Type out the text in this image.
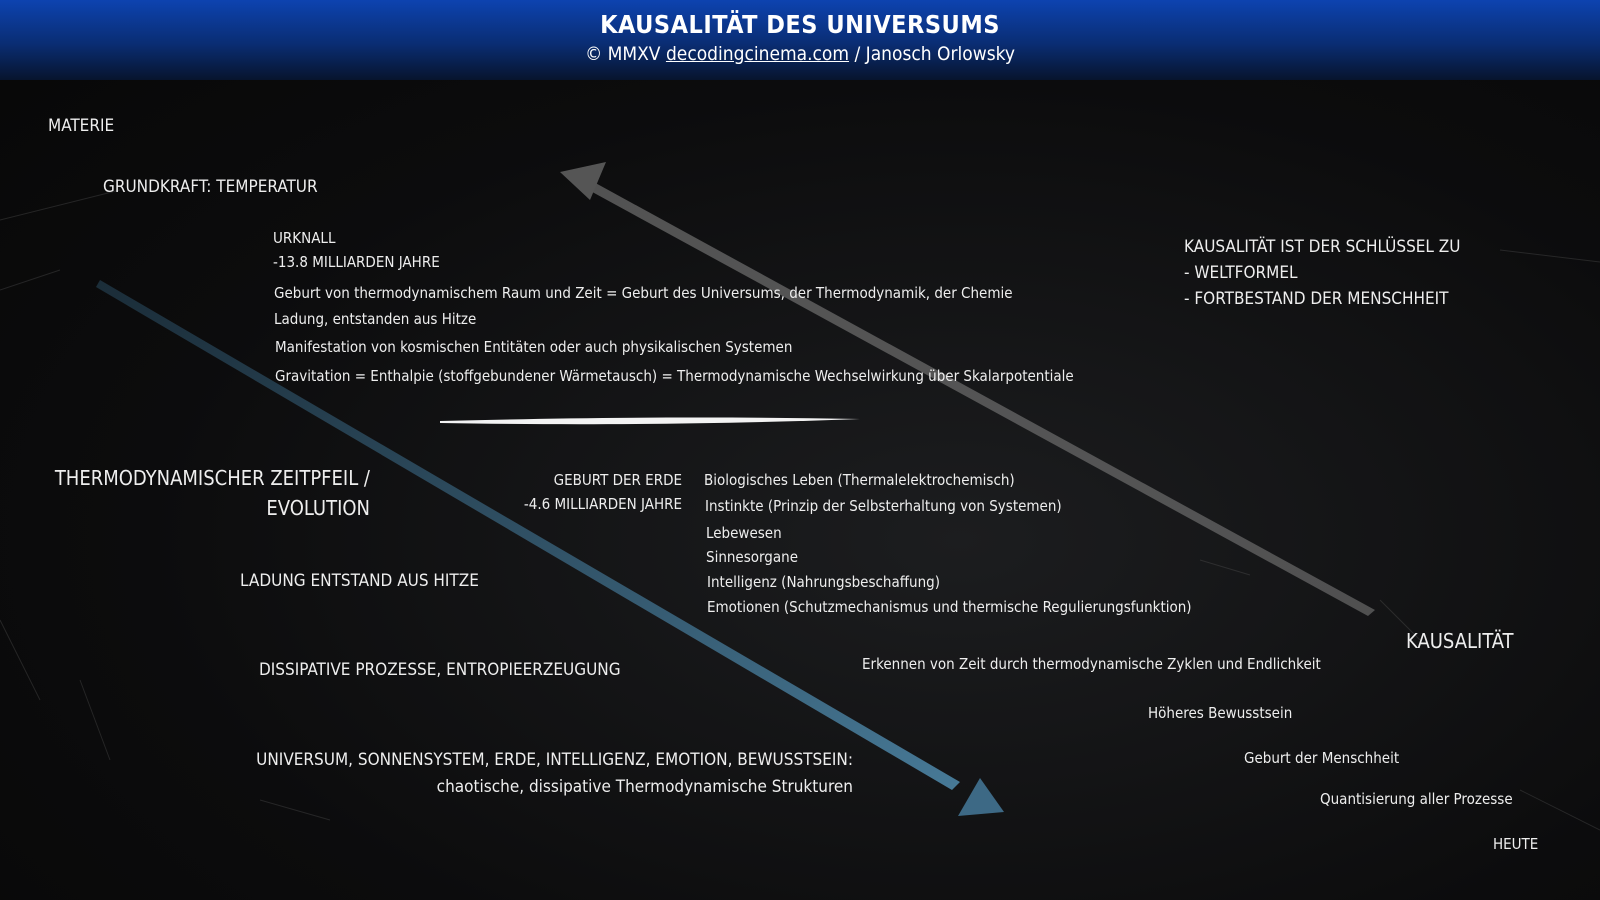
KAUSALITÄT DES UNIVERSUMS
© MMXV decodingcinema.com / Janosch Orlowsky
MATERIE
GRUNDKRAFT: TEMPERATUR
THERMODYNAMISCHER ZEITPFEIL /
EVOLUTION
LADUNG ENTSTAND AUS HITZE
DISSIPATIVE PROZESSE, ENTROPIEERZEUGUNG
UNIVERSUM, SONNENSYSTEM, ERDE, INTELLIGENZ, EMOTION, BEWUSSTSEIN:
chaotische, dissipative Thermodynamische Strukturen
URKNALL
-13.8 MILLIARDEN JAHRE
Geburt von thermodynamischem Raum und Zeit = Geburt des Universums, der Thermodynamik, der Chemie
Ladung, entstanden aus Hitze
Manifestation von kosmischen Entitäten oder auch physikalischen Systemen
Gravitation = Enthalpie (stoffgebundener Wärmetausch) = Thermodynamische Wechselwirkung über Skalarpotentiale
GEBURT DER ERDE
-4.6 MILLIARDEN JAHRE
Biologisches Leben (Thermalelektrochemisch)
Instinkte (Prinzip der Selbsterhaltung von Systemen)
Lebewesen
Sinnesorgane
Intelligenz (Nahrungsbeschaffung)
Emotionen (Schutzmechanismus und thermische Regulierungsfunktion)
KAUSALITÄT IST DER SCHLÜSSEL ZU
- WELTFORMEL
- FORTBESTAND DER MENSCHHEIT
KAUSALITÄT
Erkennen von Zeit durch thermodynamische Zyklen und Endlichkeit
Höheres Bewusstsein
Geburt der Menschheit
Quantisierung aller Prozesse
HEUTE
